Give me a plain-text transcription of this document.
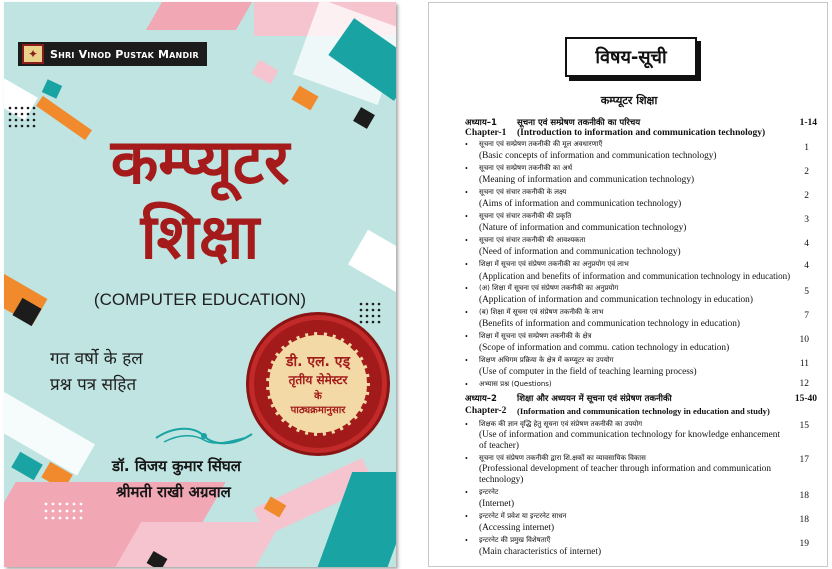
✦	Shri Vinod Pustak Mandir
कम्प्यूटर
शिक्षा
(COMPUTER EDUCATION)
गत वर्षो के हल
प्रश्न पत्र सहित
डी. एल. एड्
तृतीय सेमेस्टर
के
पाठ्यक्रमानुसार
डॉ. विजय कुमार सिंघल
श्रीमती राखी अग्रवाल
विषय-सूची
कम्प्यूटर शिक्षा
अध्याय–1	सूचना एवं सम्प्रेषण तकनीकी का परिचय	1-14
Chapter-1	(Introduction to information and communication technology)
• सूचना एवं सम्प्रेषण तकनीकी की मूल अवधारणाएँ
(Basic concepts of information and communication technology)
1
• सूचना एवं सम्प्रेषण तकनीकी का अर्थ
(Meaning of information and communication technology)
2
• सूचना एवं संचार तकनीकी के लक्ष्य
(Aims of information and communication technology)
2
• सूचना एवं संचार तकनीकी की प्रकृति
(Nature of information and communication technology)
3
• सूचना एवं संचार तकनीकी की आवश्यकता
(Need of information and communication technology)
4
• शिक्षा में सूचना एवं संप्रेषण तकनीकी का अनुप्रयोग एवं लाभ
(Application and benefits of information and communication technology in education)
4
• (अ) शिक्षा में सूचना एवं संप्रेषण तकनीकी का अनुप्रयोग
(Application of information and communication technology in education)
5
• (ब) शिक्षा में सूचना एवं संप्रेषण तकनीकी के लाभ
(Benefits of information and communication technology in education)
7
• शिक्षा में सूचना एवं सम्प्रेषण तकनीकी के क्षेत्र
(Scope of information and commu. cation technology in education)
10
• शिक्षण अधिगम प्रक्रिया के क्षेत्र में कम्प्यूटर का उपयोग
(Use of computer in the field of teaching learning process)
11
• अभ्यास प्रश्न (Questions)	12
अध्याय–2	शिक्षा और अध्ययन में सूचना एवं संप्रेषण तकनीकी	15-40
Chapter-2	(Information and communication technology in education and study)
• शिक्षक की ज्ञान वृद्धि हेतु सूचना एवं संप्रेषण तकनीकी का उपयोग
(Use of information and communication technology for knowledge enhancement
of teacher)
15
• सूचना एवं संप्रेषण तकनीकी द्वारा शि.क्षकों का व्यावसायिक विकास
(Professional development of teacher through information and communication
technology)
17
• इन्टरनेट
(Internet)
18
• इन्टरनेट में प्रवेश या इन्टरनेट साधन
(Accessing internet)
18
• इन्टरनेट की प्रमुख विशेषताएँ
(Main characteristics of internet)
19
